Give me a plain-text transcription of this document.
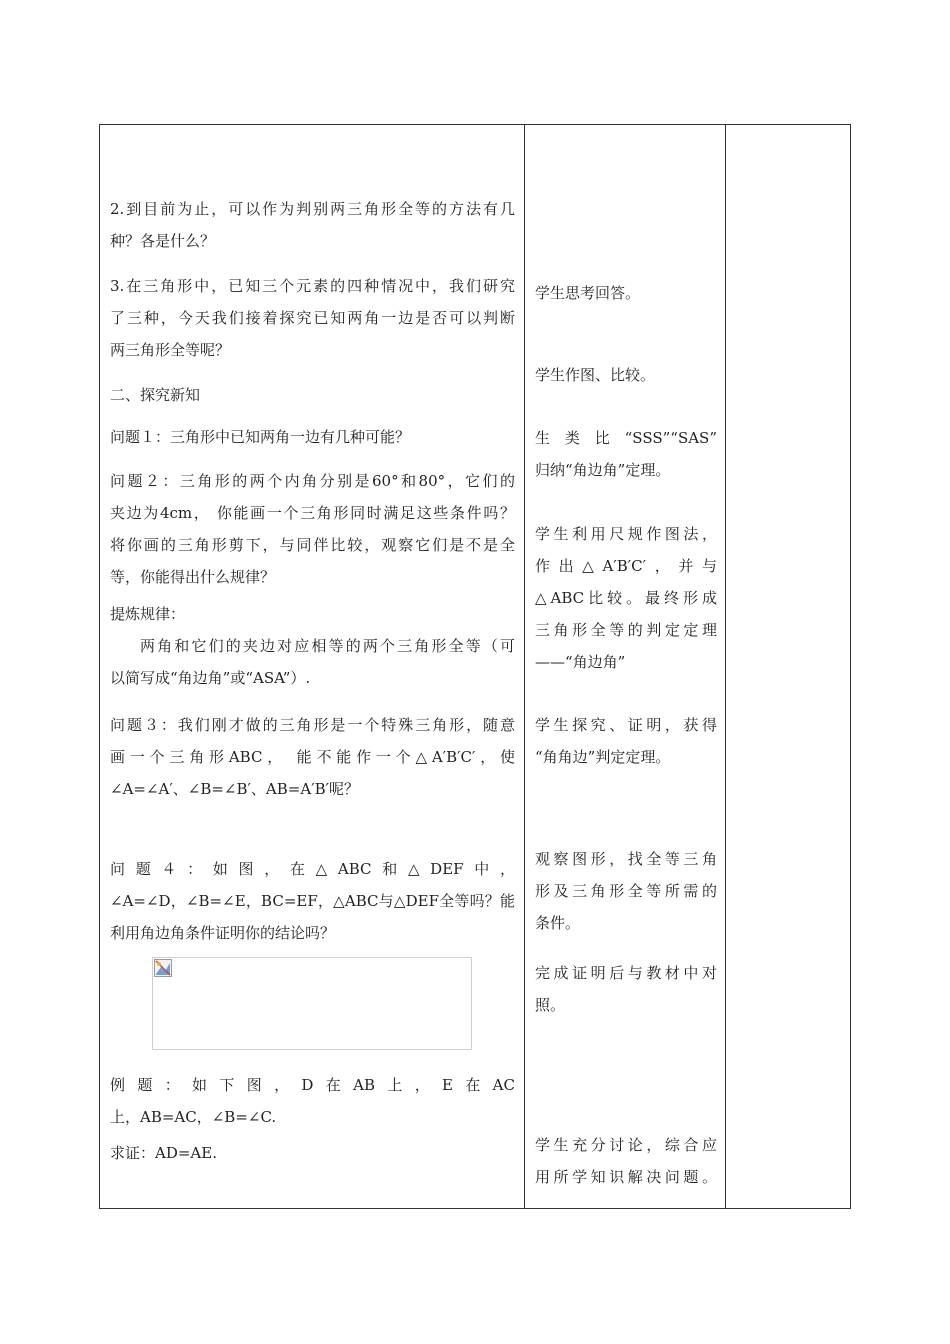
2.到目前为止，可以作为判别两三角形全等的方法有几

种？各是什么？

3.在三角形中，已知三个元素的四种情况中，我们研究

了三种，今天我们接着探究已知两角一边是否可以判断

两三角形全等呢？

二、探究新知

问题１：三角形中已知两角一边有几种可能？

问题２：三角形的两个内角分别是60°和80°，它们的

夹边为4cm， 你能画一个三角形同时满足这些条件吗？

将你画的三角形剪下，与同伴比较，观察它们是不是全

等，你能得出什么规律？

提炼规律：

两角和它们的夹边对应相等的两个三角形全等（可

以简写成“角边角”或“ASA”）.

问题３：我们刚才做的三角形是一个特殊三角形，随意

画一个三角形ABC， 能不能作一个△A′B′C′，使

∠A=∠A′、∠B=∠B′、AB=A′B′呢？

问题４：如图，在△ABC和△DEF中，

∠A=∠D，∠B=∠E，BC=EF，△ABC与△DEF全等吗？能

利用角边角条件证明你的结论吗？

例题：如下图，D在AB上，E在AC

上，AB=AC，∠B=∠C.

求证：AD=AE.

学生思考回答。

学生作图、比较。

生类比“SSS”“SAS”

归纳“角边角”定理。

学生利用尺规作图法，

作出△A′B′C′，并与

△ABC比较。最终形成

三角形全等的判定定理

——“角边角”

学生探究、证明，获得

“角角边”判定定理。

观察图形，找全等三角

形及三角形全等所需的

条件。

完成证明后与教材中对

照。

学生充分讨论，综合应

用所学知识解决问题。
